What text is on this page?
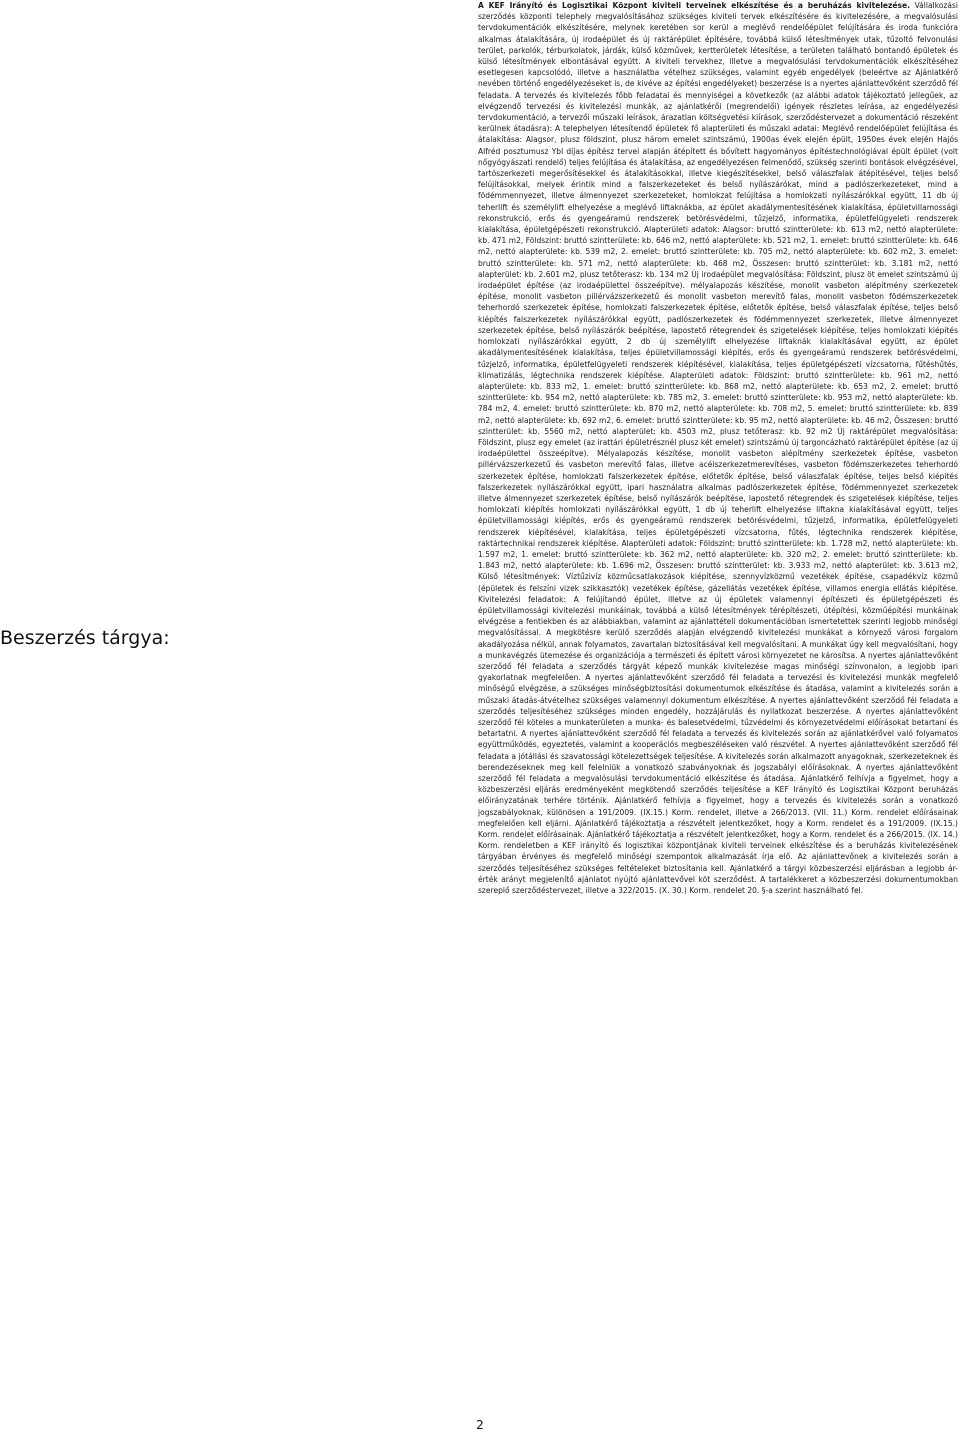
Beszerzés tárgya:

A KEF Irányító és Logisztikai Központ kiviteli terveinek elkészítése és a beruházás kivitelezése. Vállalkozási szerződés központi telephely megvalósításához szükséges kiviteli tervek elkészítésére és kivitelezésére, a megvalósulási tervdokumentációk elkészítésére, melynek keretében sor kerül a meglévő rendelőépület felújítására és iroda funkcióra alkalmas átalakítására, új irodaépület és új raktárépület építésére, továbbá külső létesítmények utak, tűzoltó felvonulási terület, parkolók, térburkolatok, járdák, külső közművek, kertterületek létesítése, a területen található bontandó épületek és külső létesítmények elbontásával együtt. A kiviteli tervekhez, illetve a megvalósulási tervdokumentációk elkészítéséhez esetlegesen kapcsolódó, illetve a használatba vételhez szükséges, valamint egyéb engedélyek (beleértve az Ajánlatkérő nevében történő engedélyezéseket is, de kivéve az építési engedélyeket) beszerzése is a nyertes ajánlattevőként szerződő fél feladata. A tervezés és kivitelezés főbb feladatai és mennyiségei a következők (az alábbi adatok tájékoztató jellegűek, az elvégzendő tervezési és kivitelezési munkák, az ajánlatkérői (megrendelői) igények részletes leírása, az engedélyezési tervdokumentáció, a tervezői műszaki leírások, árazatlan költségvetési kiírások, szerződéstervezet a dokumentáció részeként kerülnek átadásra): A telephelyen létesítendő épületek fő alapterületi és műszaki adatai: Meglévő rendelőépület felújítása és átalakítása: Alagsor, plusz földszint, plusz három emelet szintszámú, 1900as évek elején épült, 1950es évek elején Hajós Alfréd posztumusz Ybl díjas építész tervei alapján átépített és bővített hagyományos építéstechnológiával épült épület (volt nőgyógyászati rendelő) teljes felújítása és átalakítása, az engedélyezésen felmenődő, szükség szerinti bontások elvégzésével, tartószerkezeti megerősítésekkel és átalakításokkal, illetve kiegészítésekkel, belső válaszfalak átépítésével, teljes belső felújításokkal, melyek érintik mind a falszerkezeteket és belső nyílászárókat, mind a padlószerkezeteket, mind a födémmennyezet, illetve álmennyezet szerkezeteket, homlokzat felújítása a homlokzati nyílászárókkal együtt, 11 db új teherlift és személylift elhelyezése a meglévő liftaknákba, az épület akadálymentesítésének kialakítása, épületvillamossági rekonstrukció, erős és gyengeáramú rendszerek betörésvédelmi, tűzjelző, informatika, épületfelügyeleti rendszerek kialakítása, épületgépészeti rekonstrukció. Alapterületi adatok: Alagsor: bruttó szintterülete: kb. 613 m2, nettó alapterülete: kb. 471 m2, Földszint: bruttó szintterülete: kb. 646 m2, nettó alapterülete: kb. 521 m2, 1. emelet: bruttó szintterülete: kb. 646 m2, nettó alapterülete: kb. 539 m2, 2. emelet: bruttó szintterülete: kb. 705 m2, nettó alapterülete: kb. 602 m2, 3. emelet: bruttó szintterülete: kb. 571 m2, nettó alapterülete: kb. 468 m2, Összesen: bruttó szintterület: kb. 3.181 m2, nettó alapterület: kb. 2.601 m2, plusz tetőterasz: kb. 134 m2 Új irodaépület megvalósítása: Földszint, plusz öt emelet szintszámú új irodaépület építése (az irodaépülettel összeépítve). mélyalapozás készítése, monolit vasbeton alépítmény szerkezetek építése, monolit vasbeton pillérvázszerkezetű és monolit vasbeton merevítő falas, monolit vasbeton födémszerkezetek teherhordó szerkezetek építése, homlokzati falszerkezetek építése, előtetők építése, belső válaszfalak építése, teljes belső kiépítés falszerkezetek nyílászárókkal együtt, padlószerkezetek és födémmennyezet szerkezetek, illetve álmennyezet szerkezetek építése, belső nyílászárók beépítése, lapostető rétegrendek és szigetelések kiépítése, teljes homlokzati kiépítés homlokzati nyílászárókkal együtt, 2 db új személylift elhelyezése liftaknák kialakításával együtt, az épület akadálymentesítésének kialakítása, teljes épületvillamossági kiépítés, erős és gyengeáramú rendszerek betörésvédelmi, tűzjelző, informatika, épületfelügyeleti rendszerek kiépítésével, kialakítása, teljes épületgépészeti vízcsatorna, fűtéshűtés, klimatizálás, légtechnika rendszerek kiépítése. Alapterületi adatok: Földszint: bruttó szintterülete: kb. 961 m2, nettó alapterülete: kb. 833 m2, 1. emelet: bruttó szintterülete: kb. 868 m2, nettó alapterülete: kb. 653 m2, 2. emelet: bruttó szintterülete: kb. 954 m2, nettó alapterülete: kb. 785 m2, 3. emelet: bruttó szintterülete: kb. 953 m2, nettó alapterülete: kb. 784 m2, 4. emelet: bruttó szintterülete: kb. 870 m2, nettó alapterülete: kb. 708 m2, 5. emelet: bruttó szintterülete: kb. 839 m2, nettó alapterülete: kb. 692 m2, 6. emelet: bruttó szintterülete: kb. 95 m2, nettó alapterülete: kb. 46 m2, Összesen: bruttó szintterület: kb. 5560 m2, nettó alapterület: kb. 4503 m2, plusz tetőterasz: kb. 92 m2 Új raktárépület megvalósítása: Földszint, plusz egy emelet (az irattári épületrésznél plusz két emelet) szintszámú új targoncázható raktárépület építése (az új irodaépülettel összeépítve). Mélyalapozás készítése, monolit vasbeton alépítmény szerkezetek építése, vasbeton pillérvázszerkezetű és vasbeton merevítő falas, illetve acélszerkezetmerevítéses, vasbeton födémszerkezetes teherhordó szerkezetek építése, homlokzati falszerkezetek építése, előtetők építése, belső válaszfalak építése, teljes belső kiépítés falszerkezetek nyílászárókkal együtt, ipari használatra alkalmas padlószerkezetek építése, födémmennyezet szerkezetek illetve álmennyezet szerkezetek építése, belső nyílászárók beépítése, lapostető rétegrendek és szigetelések kiépítése, teljes homlokzati kiépítés homlokzati nyílászárókkal együtt, 1 db új teherlift elhelyezése liftakna kialakításával együtt, teljes épületvillamossági kiépítés, erős és gyengeáramú rendszerek betörésvédelmi, tűzjelző, informatika, épületfelügyeleti rendszerek kiépítésével, kialakítása, teljes épületgépészeti vízcsatorna, fűtés, légtechnika rendszerek kiépítése, raktártechnikai rendszerek kiépítése. Alapterületi adatok: Földszint: bruttó szintterülete: kb. 1.728 m2, nettó alapterülete: kb. 1.597 m2, 1. emelet: bruttó szintterülete: kb. 362 m2, nettó alapterülete: kb. 320 m2, 2. emelet: bruttó szintterülete: kb. 1.843 m2, nettó alapterülete: kb. 1.696 m2, Összesen: bruttó szintterület: kb. 3.933 m2, nettó alapterület: kb. 3.613 m2, Külső létesítmények: Víztűzivíz közműcsatlakozások kiépítése, szennyvízközmű vezetékek építése, csapadékvíz közmű (épületek és felszíni vizek szikkasztók) vezetékek építése, gázellátás vezetékek építése, villamos energia ellátás kiépítése. Kivitelezési feladatok: A felújítandó épület, illetve az új épületek valamennyi építészeti és épületgépészeti és épületvillamossági kivitelezési munkáinak, továbbá a külső létesítmények térépítészeti, útépítési, közműépítési munkáinak elvégzése a fentiekben és az alábbiakban, valamint az ajánlattételi dokumentációban ismertetettek szerinti legjobb minőségi megvalósítással. A megkötésre kerülő szerződés alapján elvégzendő kivitelezési munkákat a környező városi forgalom akadályozása nélkül, annak folyamatos, zavartalan biztosításával kell megvalósítani. A munkákat úgy kell megvalósítani, hogy a munkavégzés ütemezése és organizációja a természeti és épített városi környezetet ne károsítsa. A nyertes ajánlattevőként szerződő fél feladata a szerződés tárgyát képező munkák kivitelezése magas minőségi színvonalon, a legjobb ipari gyakorlatnak megfelelően. A nyertes ajánlattevőként szerződő fél feladata a tervezési és kivitelezési munkák megfelelő minőségű elvégzése, a szükséges minőségbiztosítási dokumentumok elkészítése és átadása, valamint a kivitelezés során a műszaki átadás-átvételhez szükséges valamennyi dokumentum elkészítése. A nyertes ajánlattevőként szerződő fél feladata a szerződés teljesítéséhez szükséges minden engedély, hozzájárulás és nyilatkozat beszerzése. A nyertes ajánlattevőként szerződő fél köteles a munkaterületen a munka- és balesetvédelmi, tűzvédelmi és környezetvédelmi előírásokat betartani és betartatni. A nyertes ajánlattevőként szerződő fél feladata a tervezés és kivitelezés során az ajánlatkérővel való folyamatos együttműködés, egyeztetés, valamint a kooperációs megbeszéléseken való részvétel. A nyertes ajánlattevőként szerződő fél feladata a jótállási és szavatossági kötelezettségek teljesítése. A kivitelezés során alkalmazott anyagoknak, szerkezeteknek és berendezéseknek meg kell felelniük a vonatkozó szabványoknak és jogszabályi előírásoknak. A nyertes ajánlattevőként szerződő fél feladata a megvalósulási tervdokumentáció elkészítése és átadása. Ajánlatkérő felhívja a figyelmet, hogy a közbeszerzési eljárás eredményeként megkötendő szerződés teljesítése a KEF Irányító és Logisztikai Központ beruházás előirányzatának terhére történik. Ajánlatkérő felhívja a figyelmet, hogy a tervezés és kivitelezés során a vonatkozó jogszabályoknak, különösen a 191/2009. (IX.15.) Korm. rendelet, illetve a 266/2013. (VII. 11.) Korm. rendelet előírásainak megfelelően kell eljárni. Ajánlatkérő tájékoztatja a részvételt jelentkezőket, hogy a Korm. rendelet és a 191/2009. (IX.15.) Korm. rendelet előírásainak. Ajánlatkérő tájékoztatja a részvételt jelentkezőket, hogy a Korm. rendelet és a 266/2015. (IX. 14.) Korm. rendeletben a KEF irányító és logisztikai központjának kiviteli terveinek elkészítése és a beruházás kivitelezésének tárgyában érvényes és megfelelő minőségi szempontok alkalmazását írja elő. Az ajánlattevőnek a kivitelezés során a szerződés teljesítéséhez szükséges feltételeket biztosítania kell. Ajánlatkérő a tárgyi közbeszerzési eljárásban a legjobb ár-érték arányt megjelenítő ajánlatot nyújtó ajánlattevővel köt szerződést. A tartalékkeret a közbeszerzési dokumentumokban szereplő szerződéstervezet, illetve a 322/2015. (X. 30.) Korm. rendelet 20. §-a szerint használható fel.

2
